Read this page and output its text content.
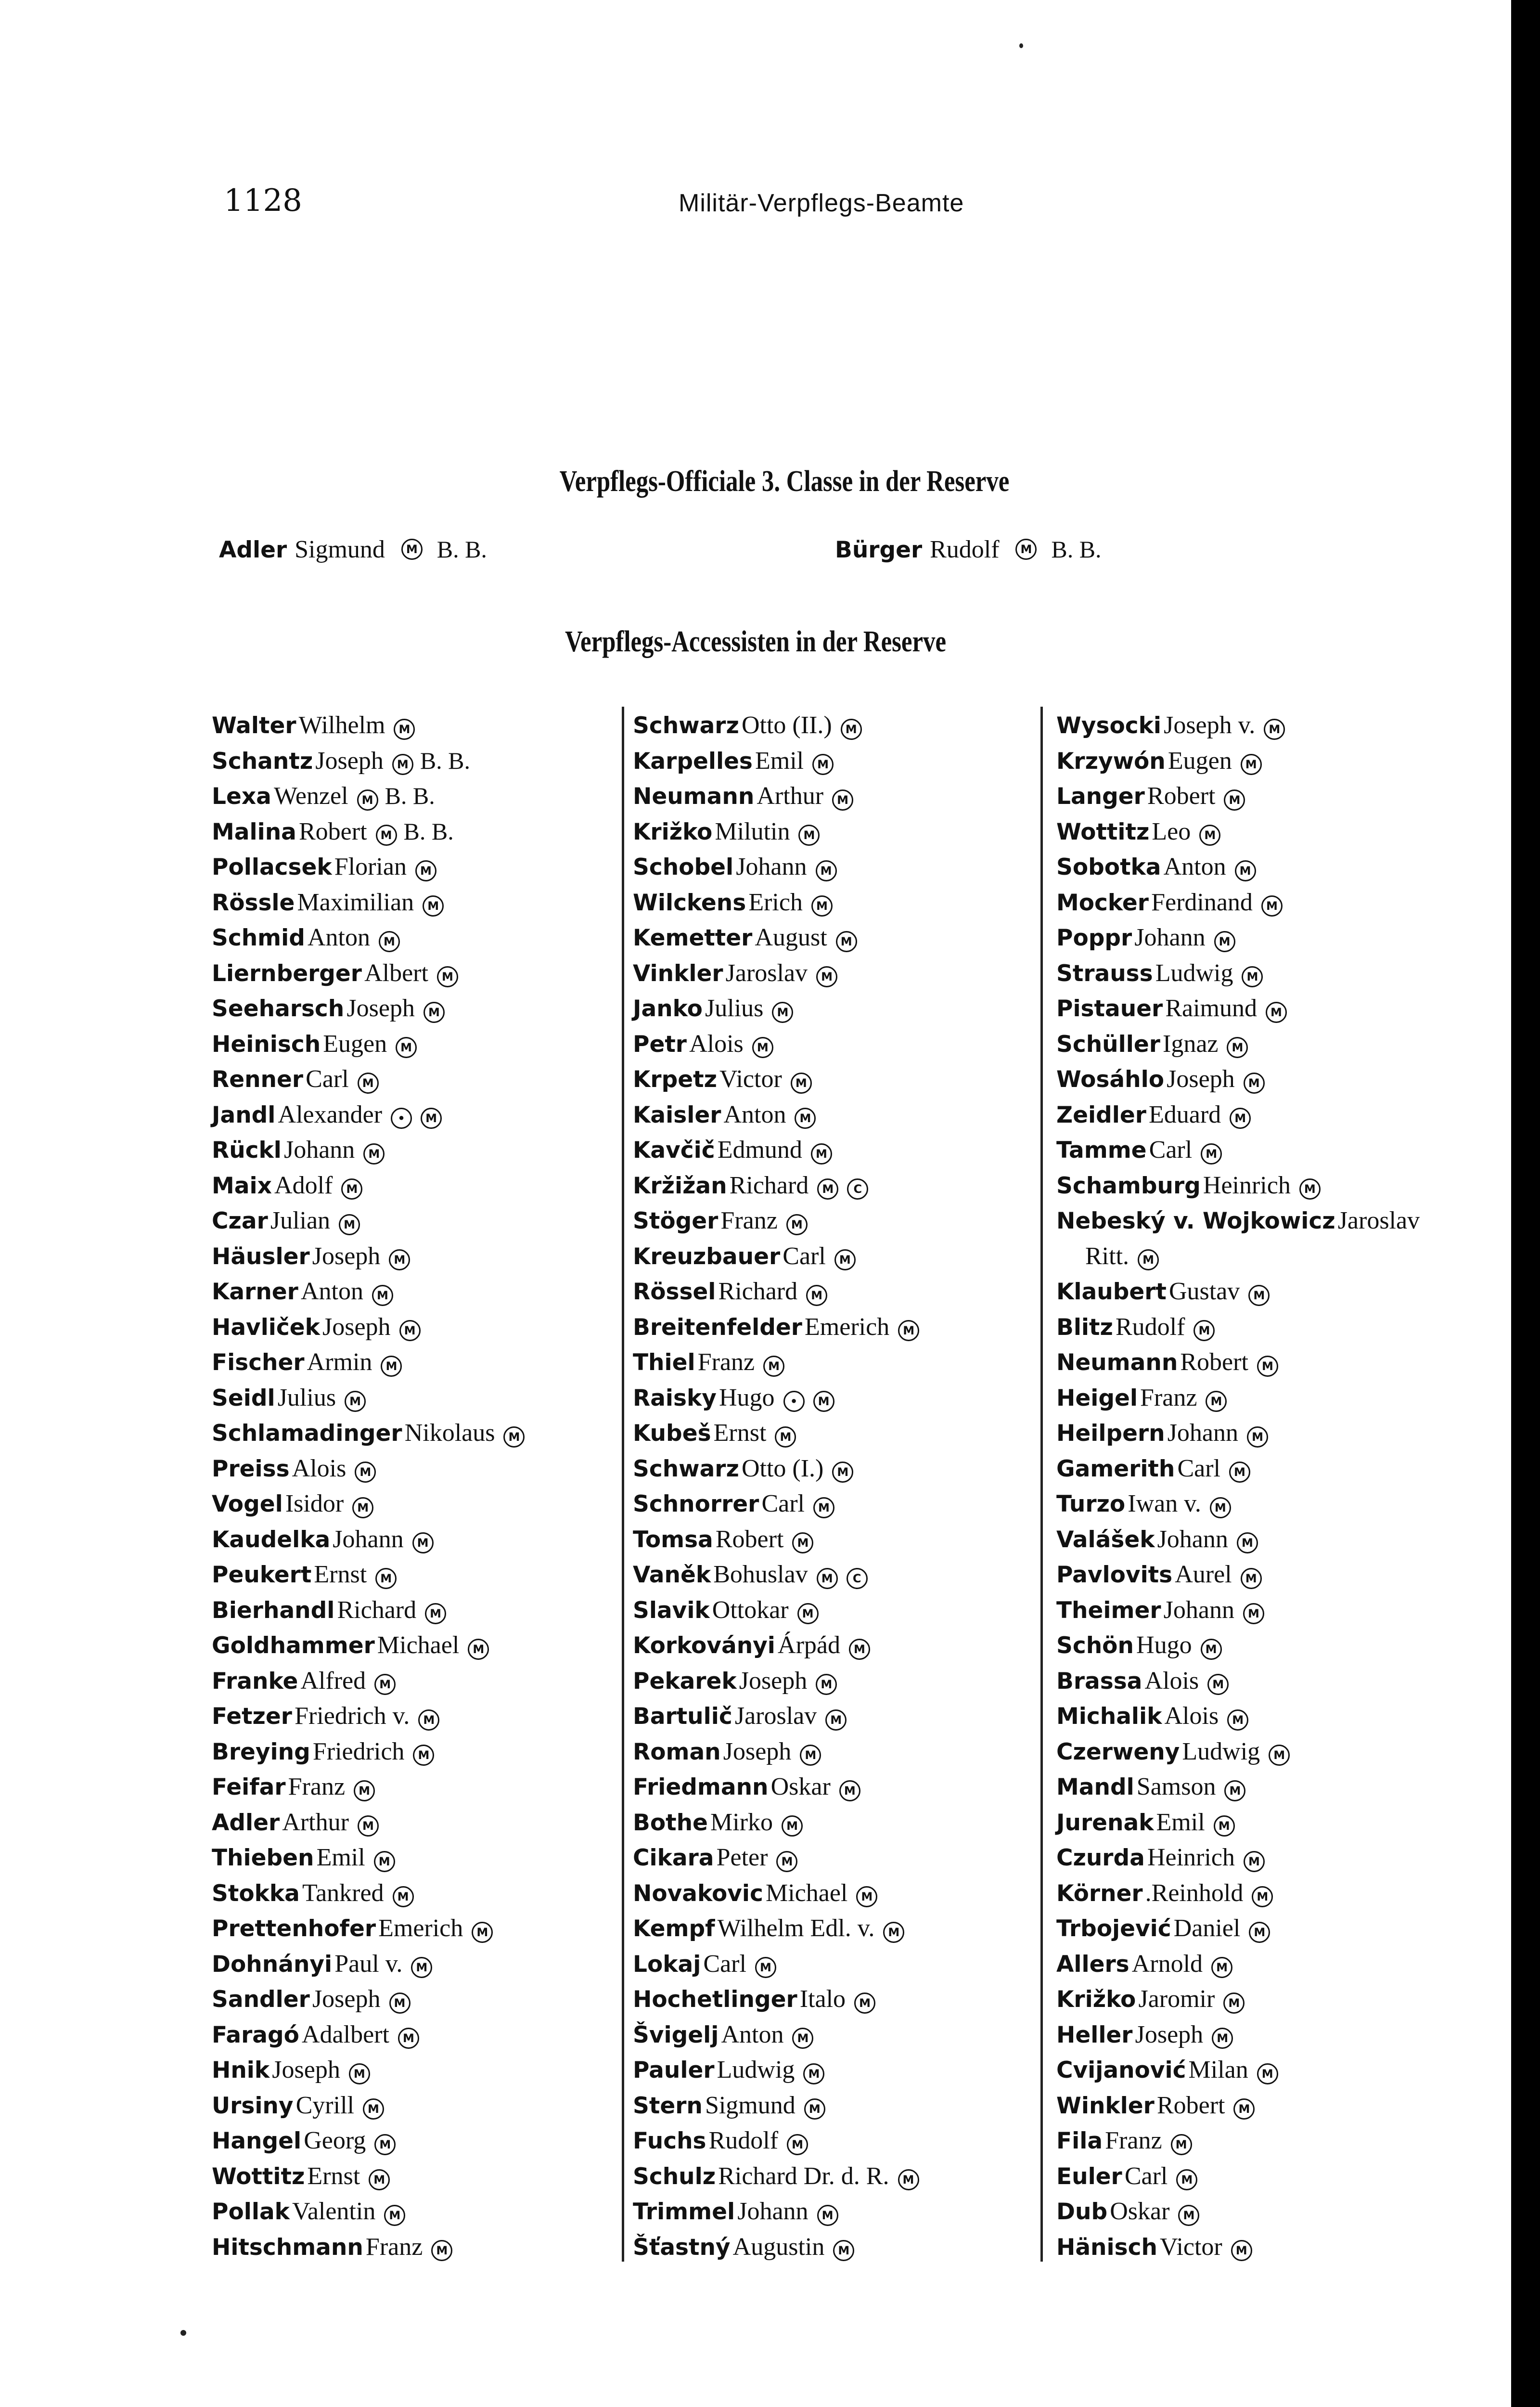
1128	Militär-Verpflegs-Beamte
Verpflegs-Officiale 3. Classe in der Reserve
Adler Sigmund M B. B.	Bürger Rudolf M B. B.
Verpflegs-Accessisten in der Reserve
Walter Wilhelm M
Schantz Joseph M B. B.
Lexa Wenzel M B. B.
Malina Robert M B. B.
Pollacsek Florian M
Rössle Maximilian M
Schmid Anton M
Liernberger Albert M
Seeharsch Joseph M
Heinisch Eugen M
Renner Carl M
Jandl Alexander • M
Rückl Johann M
Maix Adolf M
Czar Julian M
Häusler Joseph M
Karner Anton M
Havliček Joseph M
Fischer Armin M
Seidl Julius M
Schlamadinger Nikolaus M
Preiss Alois M
Vogel Isidor M
Kaudelka Johann M
Peukert Ernst M
Bierhandl Richard M
Goldhammer Michael M
Franke Alfred M
Fetzer Friedrich v. M
Breying Friedrich M
Feifar Franz M
Adler Arthur M
Thieben Emil M
Stokka Tankred M
Prettenhofer Emerich M
Dohnányi Paul v. M
Sandler Joseph M
Faragó Adalbert M
Hnik Joseph M
Ursiny Cyrill M
Hangel Georg M
Wottitz Ernst M
Pollak Valentin M
Hitschmann Franz M
Schwarz Otto (II.) M
Karpelles Emil M
Neumann Arthur M
Križko Milutin M
Schobel Johann M
Wilckens Erich M
Kemetter August M
Vinkler Jaroslav M
Janko Julius M
Petr Alois M
Krpetz Victor M
Kaisler Anton M
Kavčič Edmund M
Kržižan Richard M C
Stöger Franz M
Kreuzbauer Carl M
Rössel Richard M
Breitenfelder Emerich M
Thiel Franz M
Raisky Hugo • M
Kubeš Ernst M
Schwarz Otto (I.) M
Schnorrer Carl M
Tomsa Robert M
Vaněk Bohuslav M C
Slavik Ottokar M
Korkoványi Árpád M
Pekarek Joseph M
Bartulič Jaroslav M
Roman Joseph M
Friedmann Oskar M
Bothe Mirko M
Cikara Peter M
Novakovic Michael M
Kempf Wilhelm Edl. v. M
Lokaj Carl M
Hochetlinger Italo M
Švigelj Anton M
Pauler Ludwig M
Stern Sigmund M
Fuchs Rudolf M
Schulz Richard Dr. d. R. M
Trimmel Johann M
Šťastný Augustin M
Wysocki Joseph v. M
Krzywón Eugen M
Langer Robert M
Wottitz Leo M
Sobotka Anton M
Mocker Ferdinand M
Poppr Johann M
Strauss Ludwig M
Pistauer Raimund M
Schüller Ignaz M
Wosáhlo Joseph M
Zeidler Eduard M
Tamme Carl M
Schamburg Heinrich M
Nebeský v. Wojkowicz Jaroslav
Ritt. M
Klaubert Gustav M
Blitz Rudolf M
Neumann Robert M
Heigel Franz M
Heilpern Johann M
Gamerith Carl M
Turzo Iwan v. M
Valášek Johann M
Pavlovits Aurel M
Theimer Johann M
Schön Hugo M
Brassa Alois M
Michalik Alois M
Czerweny Ludwig M
Mandl Samson M
Jurenak Emil M
Czurda Heinrich M
Körner .Reinhold M
Trbojević Daniel M
Allers Arnold M
Križko Jaromir M
Heller Joseph M
Cvijanović Milan M
Winkler Robert M
Fila Franz M
Euler Carl M
Dub Oskar M
Hänisch Victor M
